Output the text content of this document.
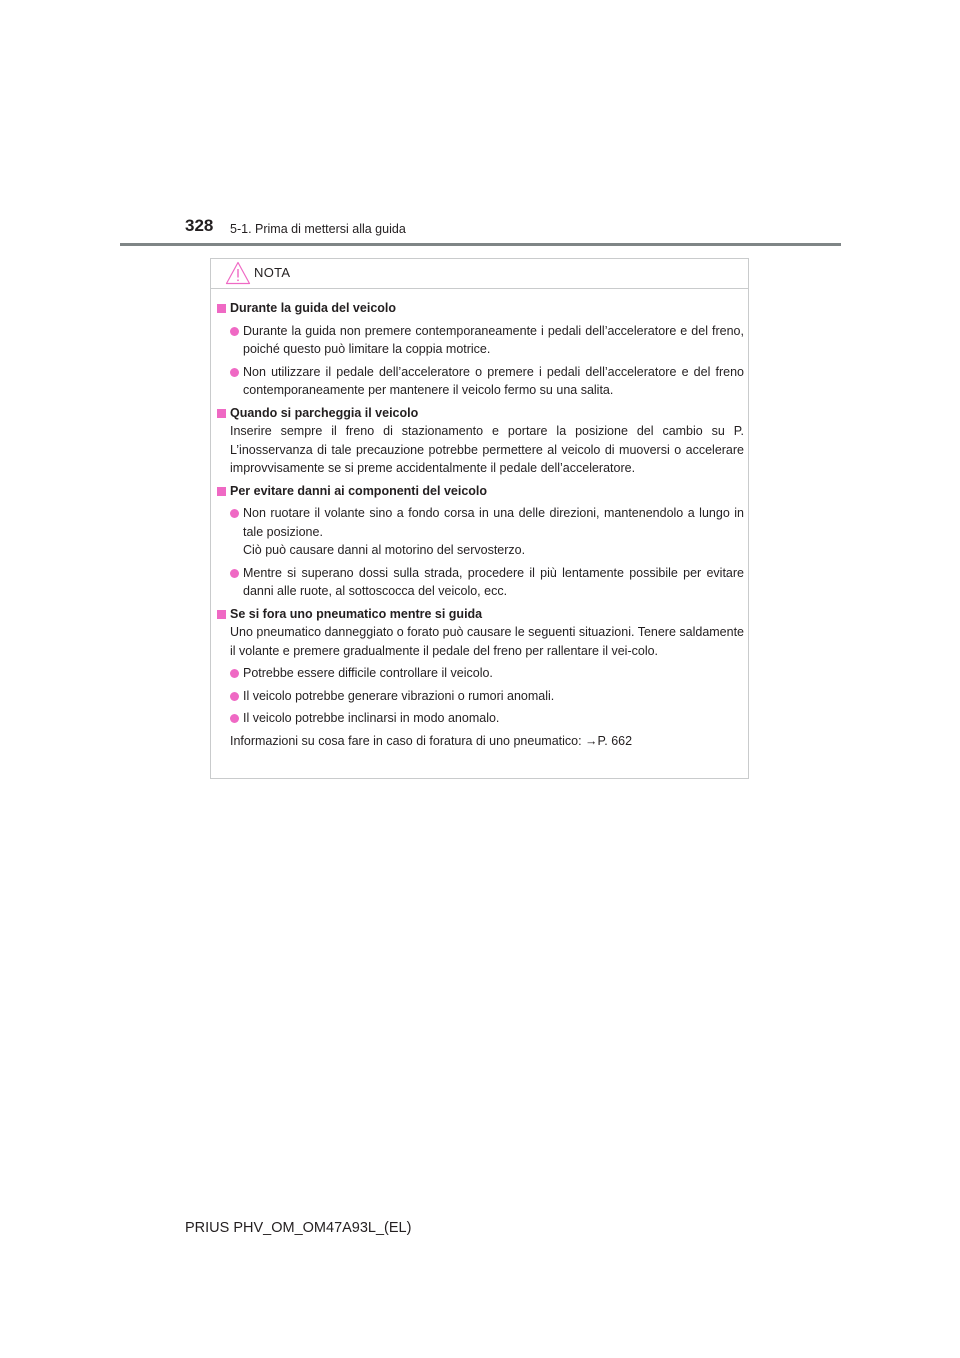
328 5-1. Prima di mettersi alla guida
NOTA
Durante la guida del veicolo
Durante la guida non premere contemporaneamente i pedali dell’acceleratore e del freno, poiché questo può limitare la coppia motrice.
Non utilizzare il pedale dell’acceleratore o premere i pedali dell’acceleratore e del freno contemporaneamente per mantenere il veicolo fermo su una salita.
Quando si parcheggia il veicolo
Inserire sempre il freno di stazionamento e portare la posizione del cambio su P. L’inosservanza di tale precauzione potrebbe permettere al veicolo di muoversi o accelerare improvvisamente se si preme accidentalmente il pedale dell’acceleratore.
Per evitare danni ai componenti del veicolo
Non ruotare il volante sino a fondo corsa in una delle direzioni, mantenendolo a lungo in tale posizione.
Ciò può causare danni al motorino del servosterzo.
Mentre si superano dossi sulla strada, procedere il più lentamente possibile per evitare danni alle ruote, al sottoscocca del veicolo, ecc.
Se si fora uno pneumatico mentre si guida
Uno pneumatico danneggiato o forato può causare le seguenti situazioni. Tenere saldamente il volante e premere gradualmente il pedale del freno per rallentare il vei-colo.
Potrebbe essere difficile controllare il veicolo.
Il veicolo potrebbe generare vibrazioni o rumori anomali.
Il veicolo potrebbe inclinarsi in modo anomalo.
Informazioni su cosa fare in caso di foratura di uno pneumatico: →P. 662
PRIUS PHV_OM_OM47A93L_(EL)
